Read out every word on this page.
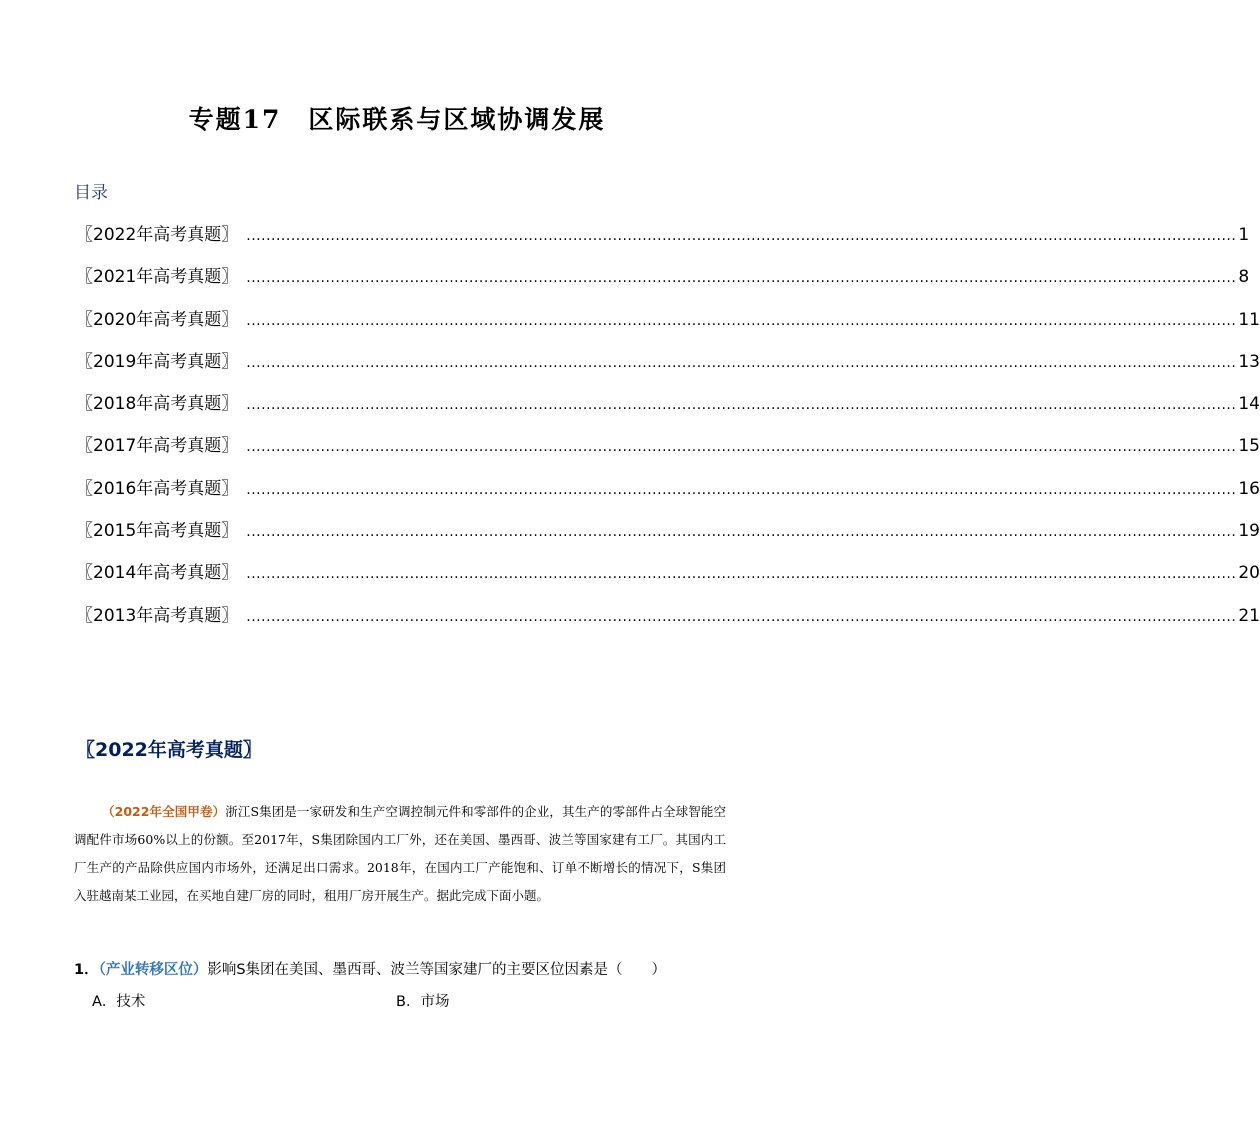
专题17　区际联系与区域协调发展
目录
〖2022年高考真题〗 ........................................................................................................................................................................................................ 1
〖2021年高考真题〗 ........................................................................................................................................................................................................ 8
〖2020年高考真题〗 ........................................................................................................................................................................................................ 11
〖2019年高考真题〗 ........................................................................................................................................................................................................ 13
〖2018年高考真题〗 ........................................................................................................................................................................................................ 14
〖2017年高考真题〗 ........................................................................................................................................................................................................ 15
〖2016年高考真题〗 ........................................................................................................................................................................................................ 16
〖2015年高考真题〗 ........................................................................................................................................................................................................ 19
〖2014年高考真题〗 ........................................................................................................................................................................................................ 20
〖2013年高考真题〗 ........................................................................................................................................................................................................ 21
〖2022年高考真题〗
（2022年全国甲卷）浙江S集团是一家研发和生产空调控制元件和零部件的企业，其生产的零部件占全球智能空调配件市场60%以上的份额。至2017年，S集团除国内工厂外，还在美国、墨西哥、波兰等国家建有工厂。其国内工厂生产的产品除供应国内市场外，还满足出口需求。2018年，在国内工厂产能饱和、订单不断增长的情况下，S集团入驻越南某工业园，在买地自建厂房的同时，租用厂房开展生产。据此完成下面小题。
1．（产业转移区位）影响S集团在美国、墨西哥、波兰等国家建厂的主要区位因素是（　　）
A．技术	B．市场
